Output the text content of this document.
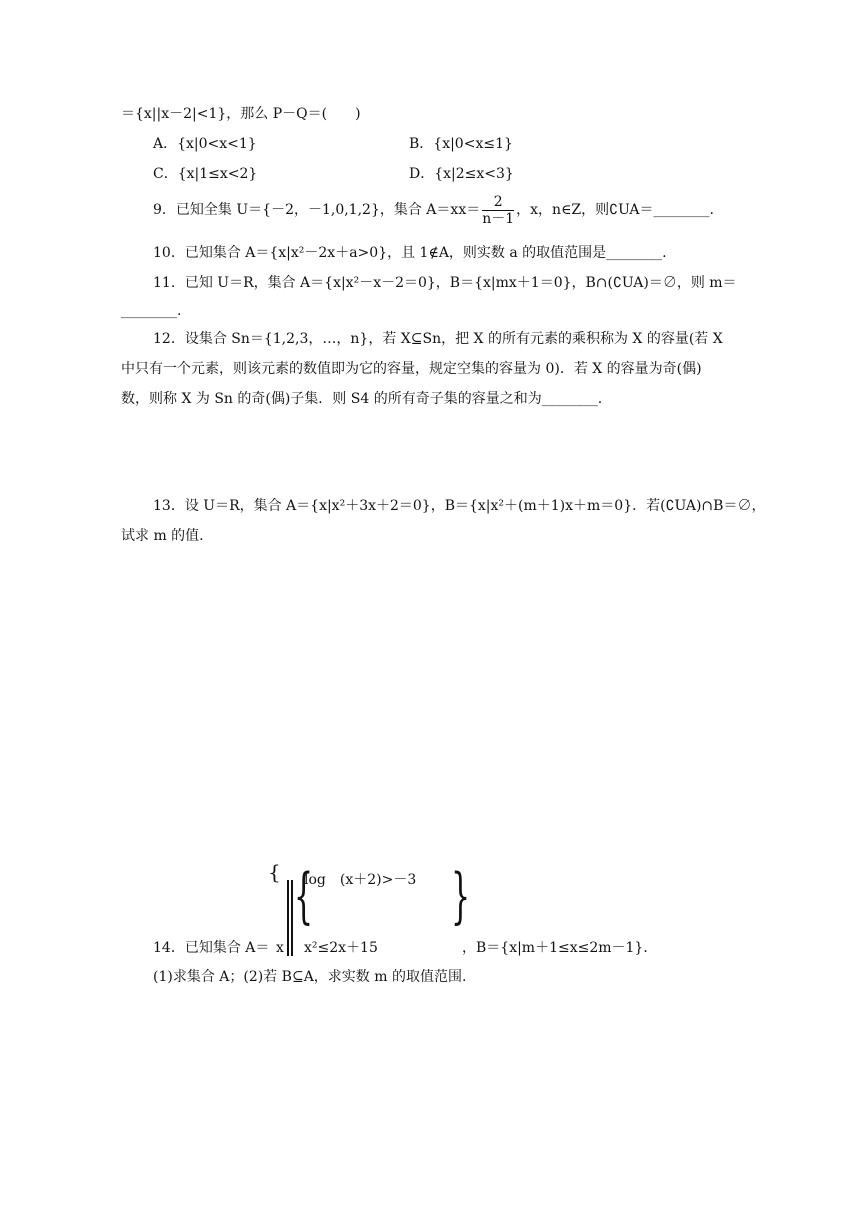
＝{x||x－2|<1}，那么 P－Q＝(　　)
A．{x|0<x<1}	B．{x|0<x≤1}
C．{x|1≤x<2}	D．{x|2≤x<3}
9．已知全集 U＝{－2，－1,0,1,2}，集合 $A=xx= \frac{2}{n-1}$ ，x，n∈Z，则∁UA＝________.
10．已知集合 A＝{x|x²－2x＋a>0}，且 1∉A，则实数 a 的取值范围是________.
11．已知 U＝R，集合 A＝{x|x²－x－2＝0}，B＝{x|mx＋1＝0}，B∩(∁UA)＝∅，则 m＝
________.
12．设集合 Sn＝{1,2,3，…，n}，若 X⊆Sn，把 X 的所有元素的乘积称为 X 的容量(若 X
中只有一个元素，则该元素的数值即为它的容量，规定空集的容量为 0)．若 X 的容量为奇(偶)
数，则称 X 为 Sn 的奇(偶)子集．则 S4 的所有奇子集的容量之和为________.
13．设 U＝R，集合 A＝{x|x²＋3x＋2＝0}，B＝{x|x²＋(m＋1)x＋m＝0}．若(∁UA)∩B＝∅，
试求 m 的值.
14．已知集合 A＝
{
x
{
log　(x＋2)>－3
x²≤2x＋15
}
，B＝{x|m＋1≤x≤2m－1}．
(1)求集合 A；(2)若 B⊆A，求实数 m 的取值范围.
